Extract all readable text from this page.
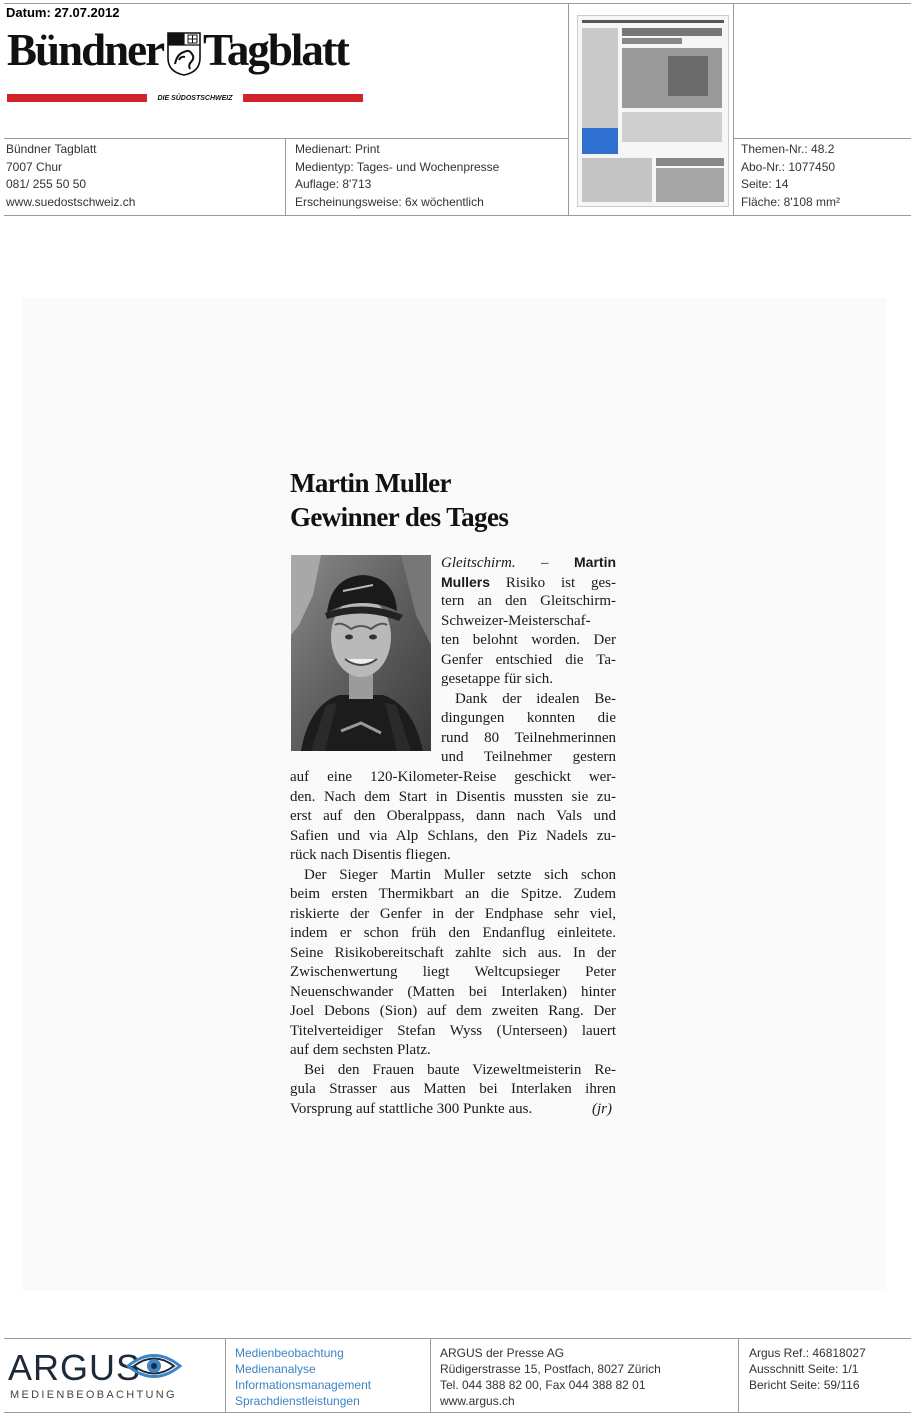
Datum: 27.07.2012
Bündner Tagblatt
DIE SÜDOSTSCHWEIZ
Bündner Tagblatt
7007 Chur
081/ 255 50 50
www.suedostschweiz.ch
Medienart: Print
Medientyp: Tages- und Wochenpresse
Auflage: 8'713
Erscheinungsweise: 6x wöchentlich
Themen-Nr.: 48.2
Abo-Nr.: 1077450
Seite: 14
Fläche: 8'108 mm²
Martin Muller
Gewinner des Tages
Gleitschirm. – Martin
Mullers Risiko ist ges-
tern an den Gleitschirm-
Schweizer-Meisterschaf-
ten belohnt worden. Der
Genfer entschied die Ta-
gesetappe für sich.
Dank der idealen Be-
dingungen konnten die
rund 80 Teilnehmerinnen
und Teilnehmer gestern
auf eine 120-Kilometer-Reise geschickt wer-
den. Nach dem Start in Disentis mussten sie zu-
erst auf den Oberalppass, dann nach Vals und
Safien und via Alp Schlans, den Piz Nadels zu-
rück nach Disentis fliegen.
Der Sieger Martin Muller setzte sich schon
beim ersten Thermikbart an die Spitze. Zudem
riskierte der Genfer in der Endphase sehr viel,
indem er schon früh den Endanflug einleitete.
Seine Risikobereitschaft zahlte sich aus. In der
Zwischenwertung liegt Weltcupsieger Peter
Neuenschwander (Matten bei Interlaken) hinter
Joel Debons (Sion) auf dem zweiten Rang. Der
Titelverteidiger Stefan Wyss (Unterseen) lauert
auf dem sechsten Platz.
Bei den Frauen baute Vizeweltmeisterin Re-
gula Strasser aus Matten bei Interlaken ihren
Vorsprung auf stattliche 300 Punkte aus.	(jr)
ARGUS
MEDIENBEOBACHTUNG
Medienbeobachtung
Medienanalyse
Informationsmanagement
Sprachdienstleistungen
ARGUS der Presse AG
Rüdigerstrasse 15, Postfach, 8027 Zürich
Tel. 044 388 82 00, Fax 044 388 82 01
www.argus.ch
Argus Ref.: 46818027
Ausschnitt Seite: 1/1
Bericht Seite: 59/116
